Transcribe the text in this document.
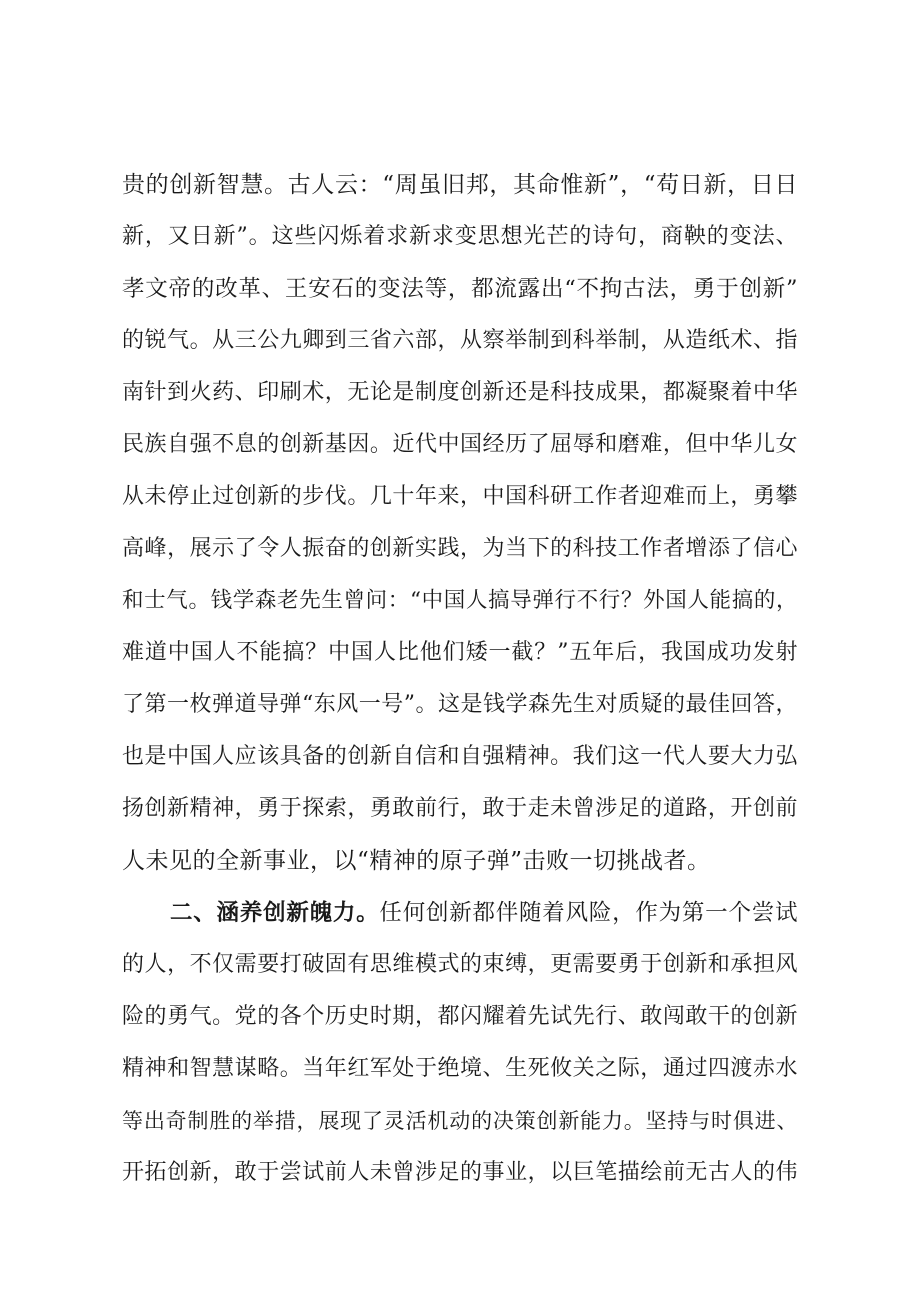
贵的创新智慧。古人云：“周虽旧邦，其命惟新”，“苟日新，日日
新，又日新”。这些闪烁着求新求变思想光芒的诗句，商鞅的变法、
孝文帝的改革、王安石的变法等，都流露出“不拘古法，勇于创新”
的锐气。从三公九卿到三省六部，从察举制到科举制，从造纸术、指
南针到火药、印刷术，无论是制度创新还是科技成果，都凝聚着中华
民族自强不息的创新基因。近代中国经历了屈辱和磨难，但中华儿女
从未停止过创新的步伐。几十年来，中国科研工作者迎难而上，勇攀
高峰，展示了令人振奋的创新实践，为当下的科技工作者增添了信心
和士气。钱学森老先生曾问：“中国人搞导弹行不行？外国人能搞的，
难道中国人不能搞？中国人比他们矮一截？”五年后，我国成功发射
了第一枚弹道导弹“东风一号”。这是钱学森先生对质疑的最佳回答，
也是中国人应该具备的创新自信和自强精神。我们这一代人要大力弘
扬创新精神，勇于探索，勇敢前行，敢于走未曾涉足的道路，开创前
人未见的全新事业，以“精神的原子弹”击败一切挑战者。
二、涵养创新魄力。任何创新都伴随着风险，作为第一个尝试
的人，不仅需要打破固有思维模式的束缚，更需要勇于创新和承担风
险的勇气。党的各个历史时期，都闪耀着先试先行、敢闯敢干的创新
精神和智慧谋略。当年红军处于绝境、生死攸关之际，通过四渡赤水
等出奇制胜的举措，展现了灵活机动的决策创新能力。坚持与时俱进、
开拓创新，敢于尝试前人未曾涉足的事业，以巨笔描绘前无古人的伟
